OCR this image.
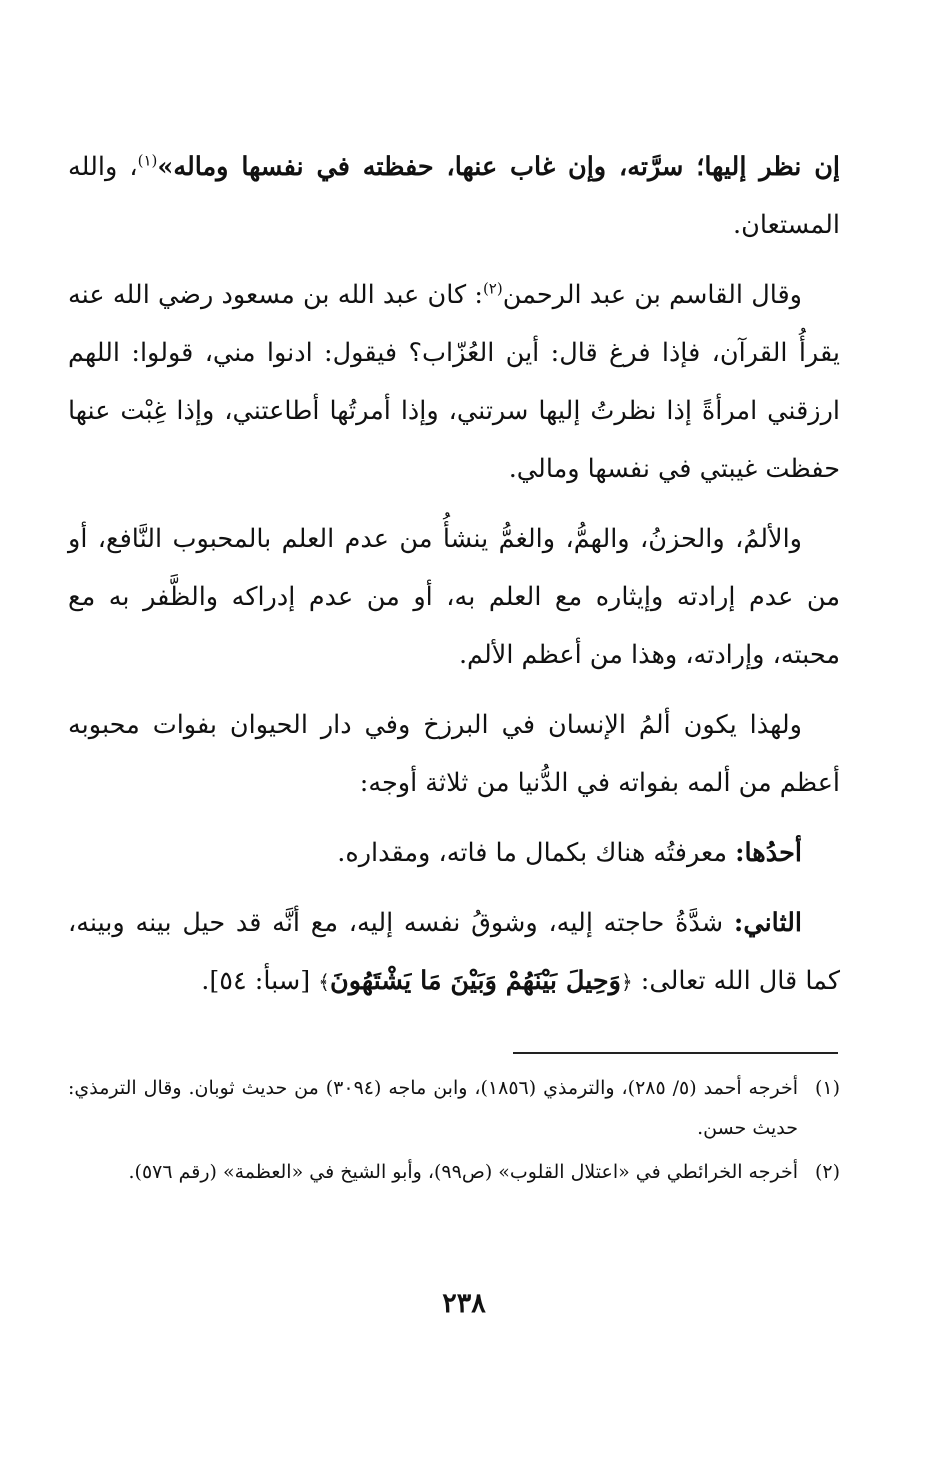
إن نظر إليها؛ سرَّته، وإن غاب عنها، حفظته في نفسها وماله»$^{(١)}$، والله المستعان.

وقال القاسم بن عبد الرحمن$^{(٢)}$: كان عبد الله بن مسعود رضي الله عنه يقرأُ القرآن، فإذا فرغ قال: أين العُزّاب؟ فيقول: ادنوا مني، قولوا: اللهم ارزقني امرأةً إذا نظرتُ إليها سرتني، وإذا أمرتُها أطاعتني، وإذا غِبْت عنها حفظت غيبتي في نفسها ومالي.

والألمُ، والحزنُ، والهمُّ، والغمُّ ينشأُ من عدم العلم بالمحبوب النَّافع، أو من عدم إرادته وإيثاره مع العلم به، أو من عدم إدراكه والظَّفر به مع محبته، وإرادته، وهذا من أعظم الألم.

ولهذا يكون ألمُ الإنسان في البرزخ وفي دار الحيوان بفوات محبوبه أعظم من ألمه بفواته في الدُّنيا من ثلاثة أوجه:

أحدُها: معرفتُه هناك بكمال ما فاته، ومقداره.

الثاني: شدَّةُ حاجته إليه، وشوقُ نفسه إليه، مع أنَّه قد حيل بينه وبينه، كما قال الله تعالى: ﴿وَحِيلَ بَيْنَهُمْ وَبَيْنَ مَا يَشْتَهُونَ﴾ [سبأ: ٥٤].

(١)أخرجه أحمد (٥/ ٢٨٥)، والترمذي (١٨٥٦)، وابن ماجه (٣٠٩٤) من حديث ثوبان. وقال الترمذي: حديث حسن.

(٢)أخرجه الخرائطي في «اعتلال القلوب» (ص٩٩)، وأبو الشيخ في «العظمة» (رقم ٥٧٦).

٢٣٨
